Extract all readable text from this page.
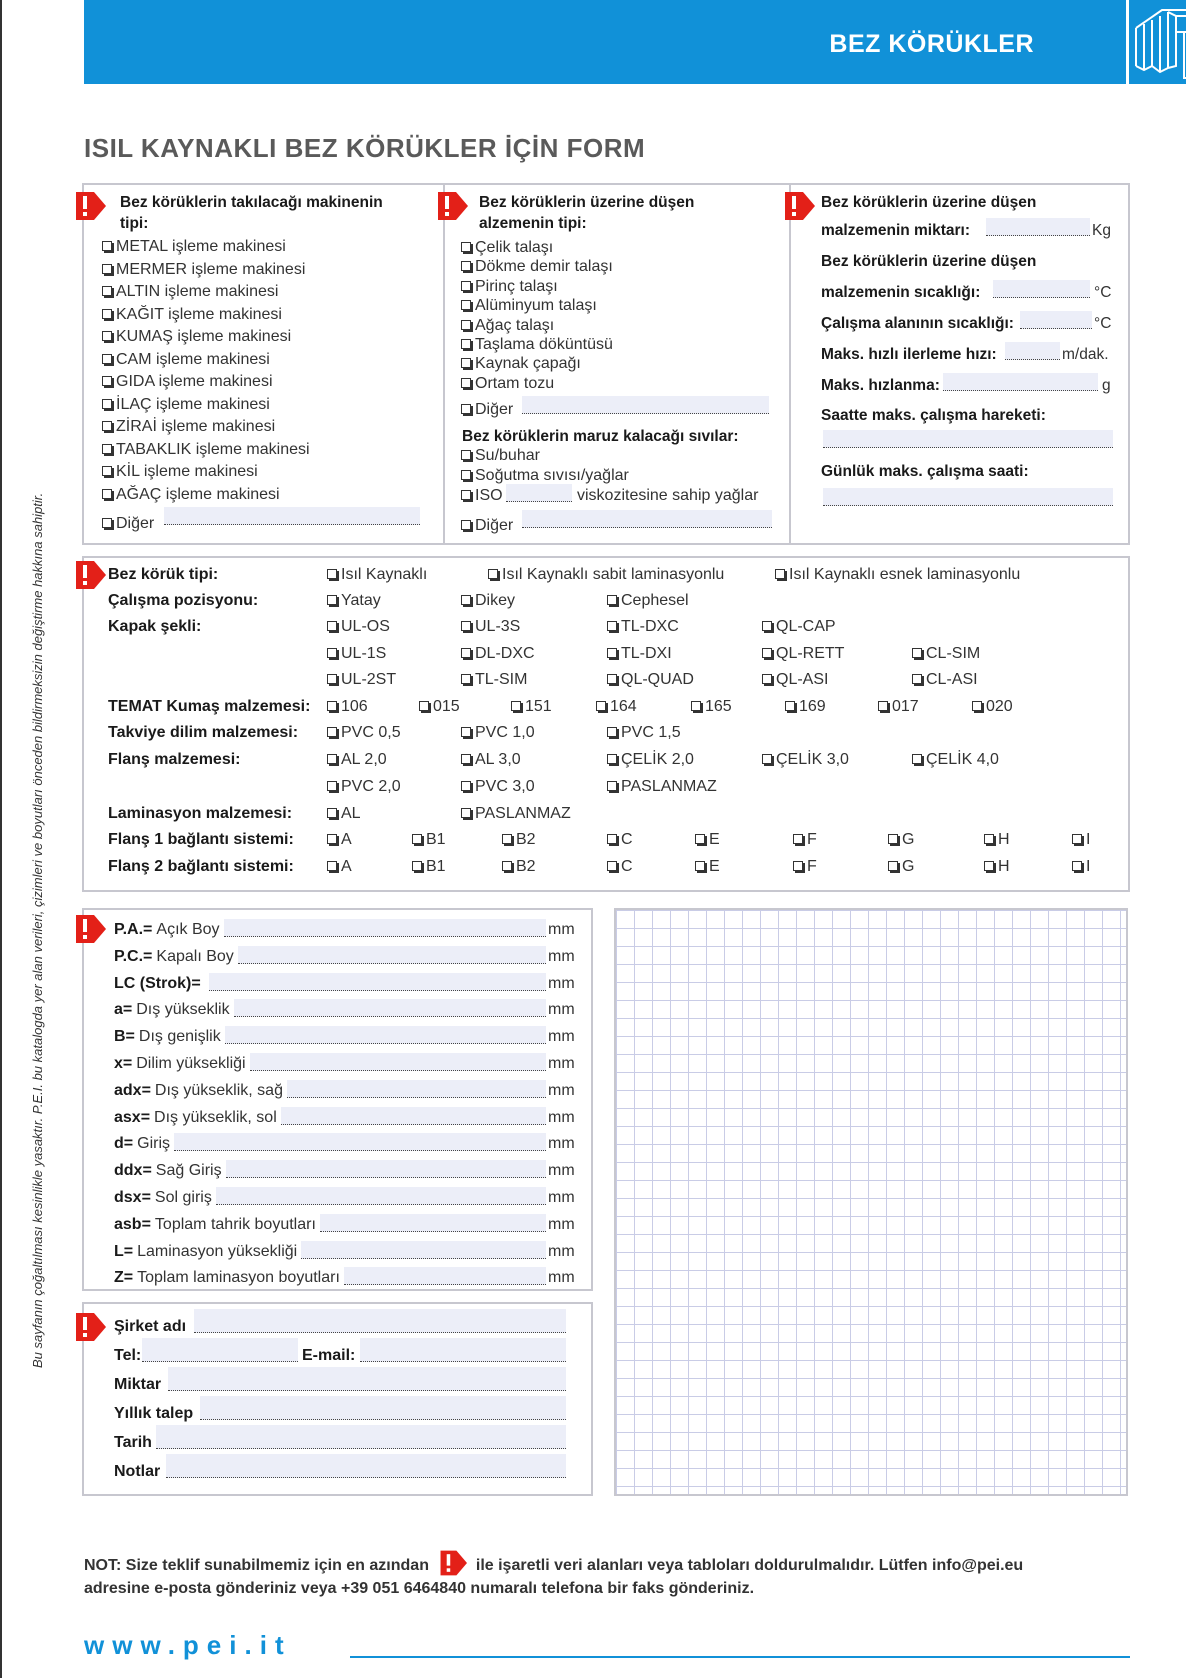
BEZ KÖRÜKLER
Bu sayfanın çoğaltılması kesinlikle yasaktır. P.E.I. bu katalogda yer alan verileri, çizimleri ve boyutları önceden bildirmeksizin değiştirme hakkına sahiptir.
ISIL KAYNAKLI BEZ KÖRÜKLER İÇİN FORM
Bez körüklerin takılacağı makinenin
tipi:
METAL işleme makinesi
MERMER işleme makinesi
ALTIN işleme makinesi
KAĞIT işleme makinesi
KUMAŞ işleme makinesi
CAM işleme makinesi
GIDA işleme makinesi
İLAÇ işleme makinesi
ZİRAİ işleme makinesi
TABAKLIK işleme makinesi
KİL işleme makinesi
AĞAÇ işleme makinesi
Diğer
Bez körüklerin üzerine düşen
alzemenin tipi:
Çelik talaşı
Dökme demir talaşı
Pirinç talaşı
Alüminyum talaşı
Ağaç talaşı
Taşlama döküntüsü
Kaynak çapağı
Ortam tozu
Diğer
Bez körüklerin maruz kalacağı sıvılar:
Su/buhar
Soğutma sıvısı/yağlar
ISO	viskozitesine sahip yağlar
Diğer
Bez körüklerin üzerine düşen
malzemenin miktarı:	Kg
Bez körüklerin üzerine düşen
malzemenin sıcaklığı:	°C
Çalışma alanının sıcaklığı:	°C
Maks. hızlı ilerleme hızı:	m/dak.
Maks. hızlanma:	g
Saatte maks. çalışma hareketi:
Günlük maks. çalışma saati:
Bez körük tipi:	Isıl Kaynaklı	Isıl Kaynaklı sabit laminasyonlu	Isıl Kaynaklı esnek laminasyonlu
Çalışma pozisyonu:	Yatay	Dikey	Cephesel
Kapak şekli:	UL-OS	UL-3S	TL-DXC	QL-CAP
UL-1S	DL-DXC	TL-DXI	QL-RETT	CL-SIM
UL-2ST	TL-SIM	QL-QUAD	QL-ASI	CL-ASI
TEMAT Kumaş malzemesi:	106	015	151	164	165	169	017	020
Takviye dilim malzemesi:	PVC 0,5	PVC 1,0	PVC 1,5
Flanş malzemesi:	AL 2,0	AL 3,0	ÇELİK 2,0	ÇELİK 3,0	ÇELİK 4,0
PVC 2,0	PVC 3,0	PASLANMAZ
Laminasyon malzemesi:	AL	PASLANMAZ
Flanş 1 bağlantı sistemi:	A	B1	B2	C	E	F	G	H	I
Flanş 2 bağlantı sistemi:	A	B1	B2	C	E	F	G	H	I
P.A.= Açık Boy	mm
P.C.= Kapalı Boy	mm
LC (Strok)=	mm
a= Dış yükseklik	mm
B= Dış genişlik	mm
x= Dilim yüksekliği	mm
adx= Dış yükseklik, sağ	mm
asx= Dış yükseklik, sol	mm
d= Giriş	mm
ddx= Sağ Giriş	mm
dsx= Sol giriş	mm
asb= Toplam tahrik boyutları	mm
L= Laminasyon yüksekliği	mm
Z= Toplam laminasyon boyutları	mm
Şirket adı
Tel:	E-mail:
Miktar
Yıllık talep
Tarih
Notlar
NOT: Size teklif sunabilmemiz için en azından	ile işaretli veri alanları veya tabloları doldurulmalıdır. Lütfen info@pei.eu
adresine e-posta gönderiniz veya +39 051 6464840 numaralı telefona bir faks gönderiniz.
www.pei.it
